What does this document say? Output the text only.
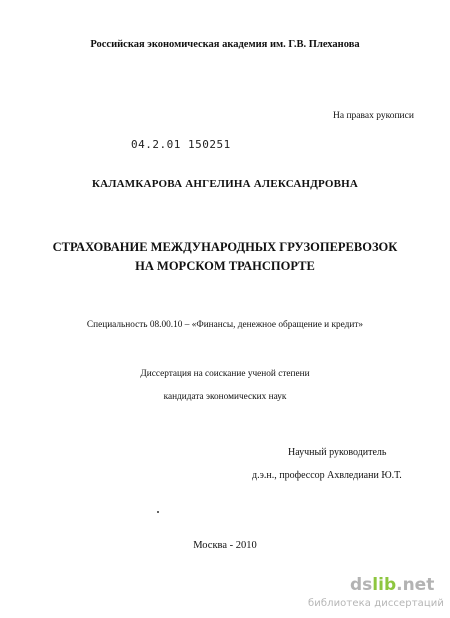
Российская экономическая академия им. Г.В. Плеханова
На правах рукописи
04.2.01 150251
КАЛАМКАРОВА АНГЕЛИНА АЛЕКСАНДРОВНА
СТРАХОВАНИЕ МЕЖДУНАРОДНЫХ ГРУЗОПЕРЕВОЗОК
НА МОРСКОМ ТРАНСПОРТЕ
Специальность 08.00.10 – «Финансы, денежное обращение и кредит»
Диссертация на соискание ученой степени
кандидата экономических наук
Научный руководитель
д.э.н., профессор Ахвледиани Ю.Т.
Москва - 2010
dslib.net
библиотека диссертаций
